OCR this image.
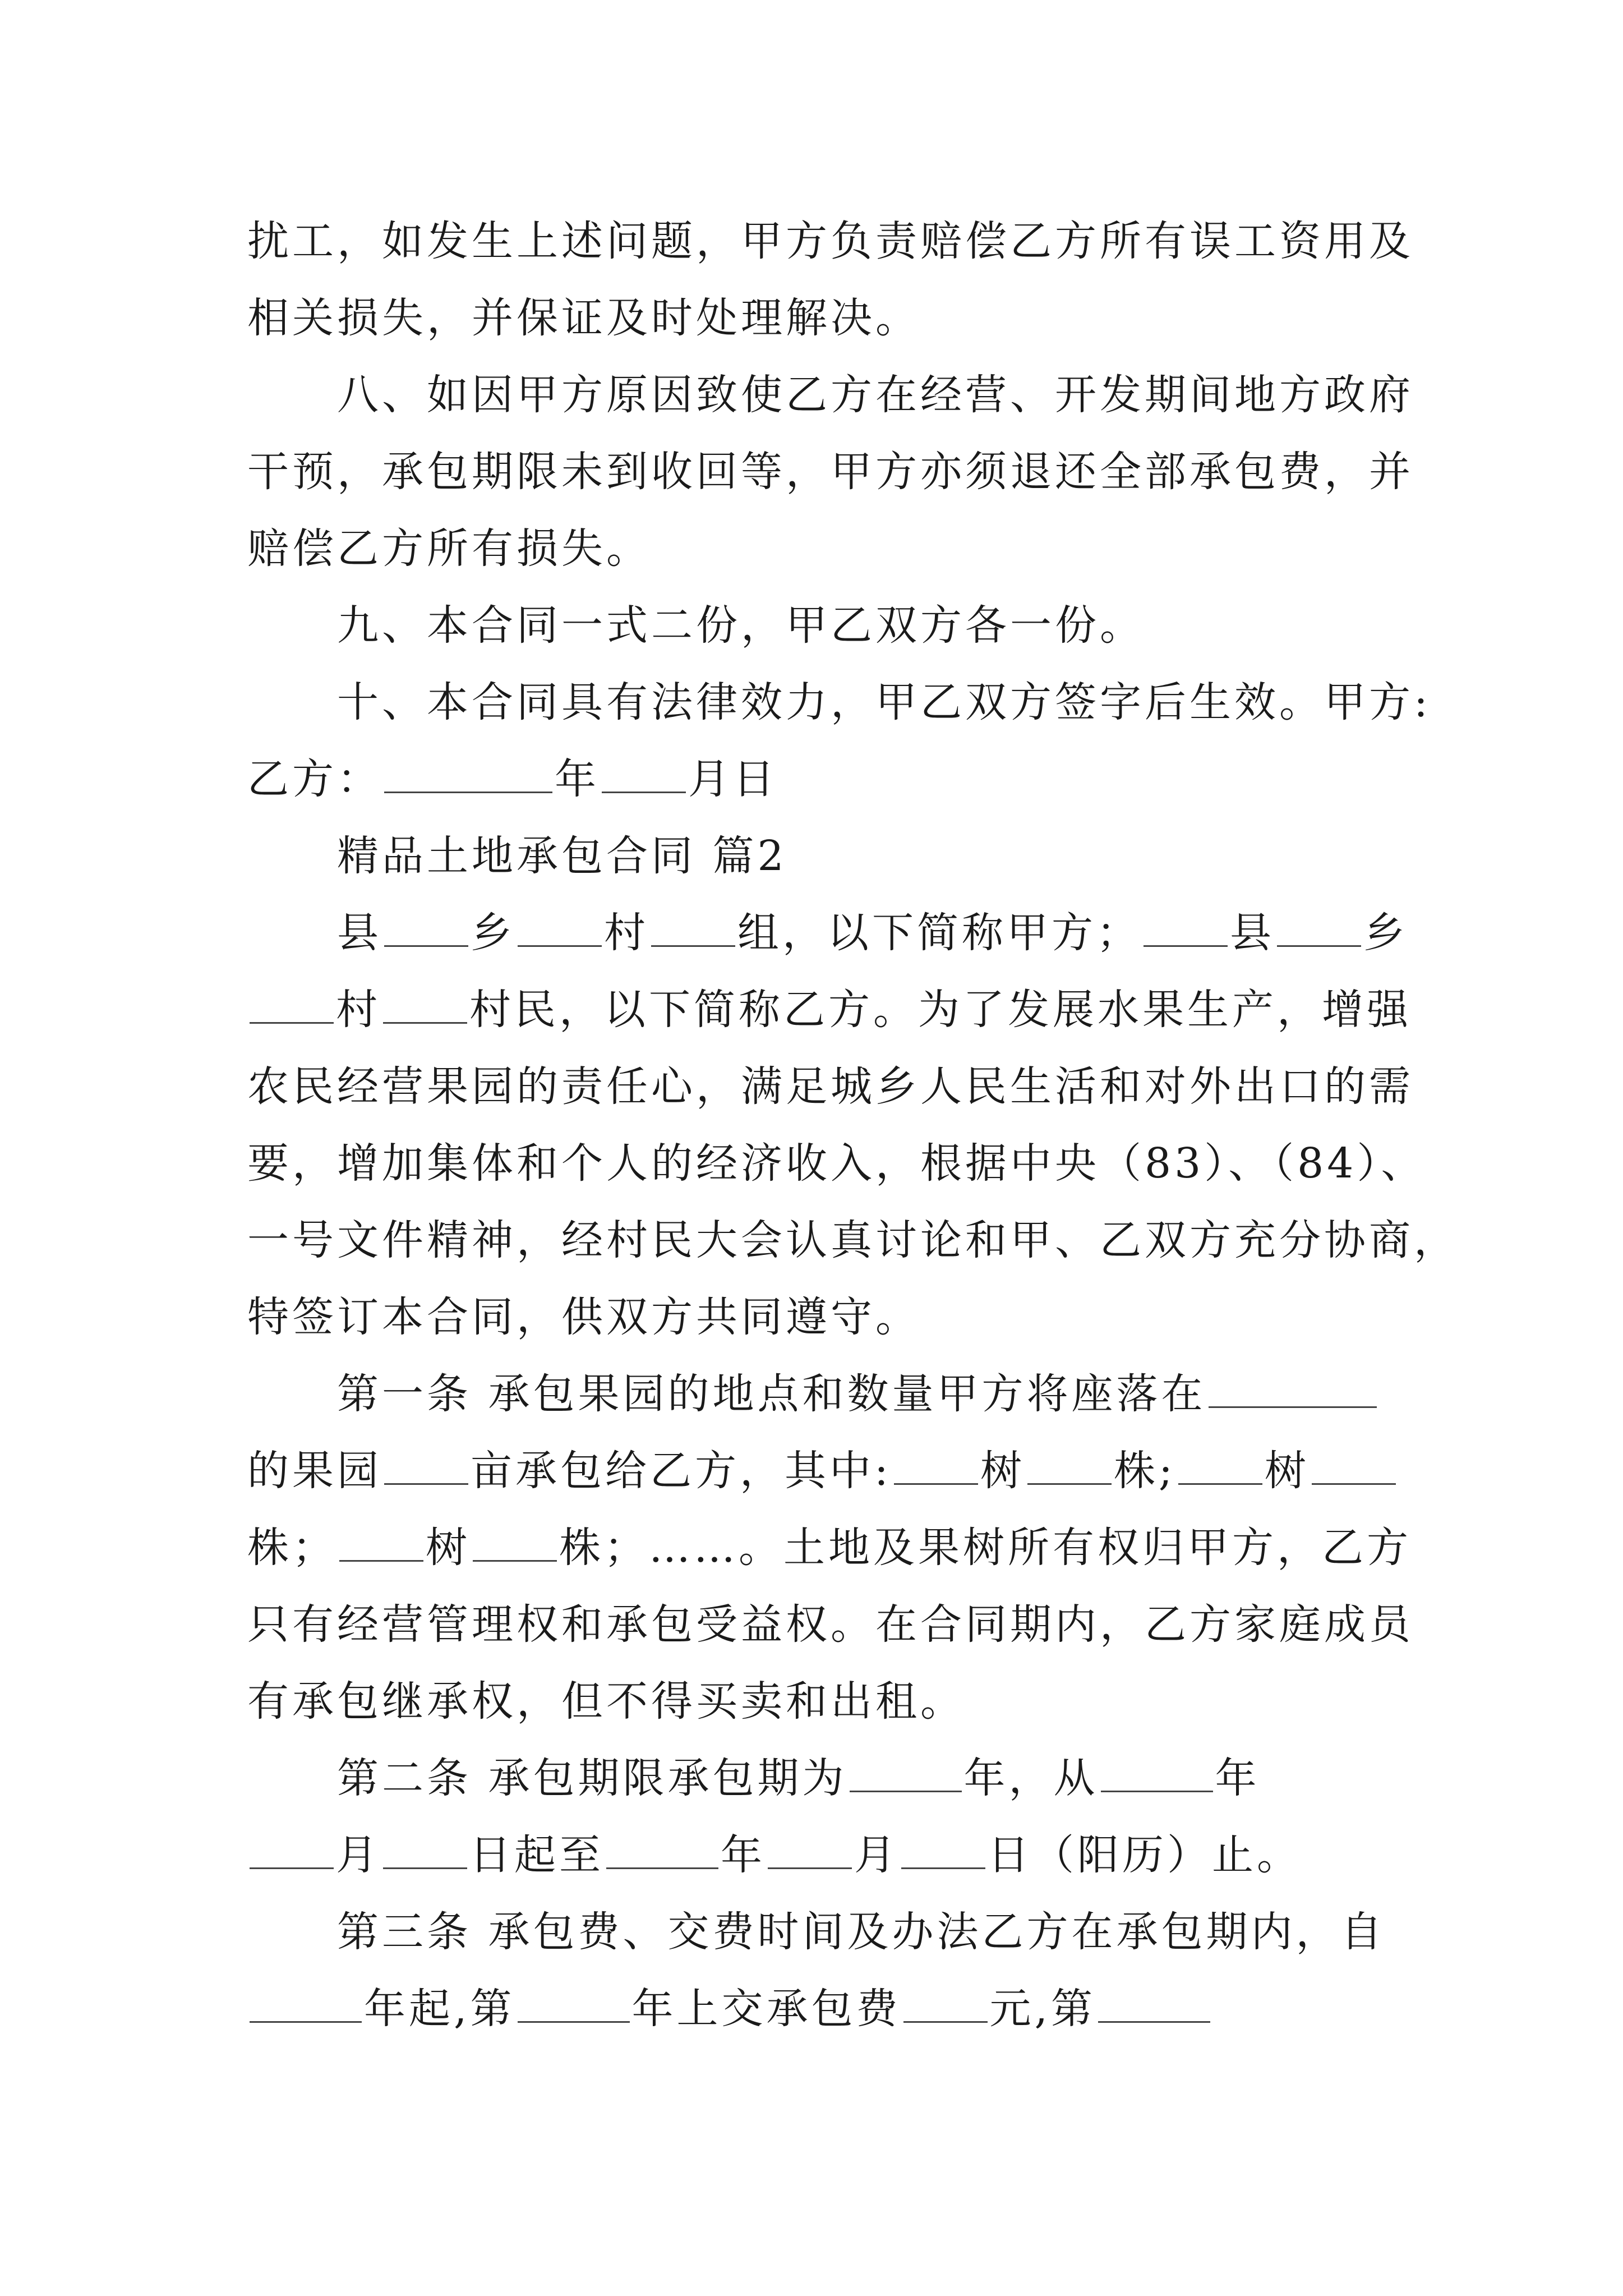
扰工，如发生上述问题，甲方负责赔偿乙方所有误工资用及
相关损失，并保证及时处理解决。
八、如因甲方原因致使乙方在经营、开发期间地方政府
干预，承包期限未到收回等，甲方亦须退还全部承包费，并
赔偿乙方所有损失。
九、本合同一式二份，甲乙双方各一份。
十、本合同具有法律效力，甲乙双方签字后生效。甲方:
乙方：	年 月日
精品土地承包合同 篇2
县 乡 村 组，以下简称甲方； 县 乡
村 村民，以下简称乙方。为了发展水果生产，增强
农民经营果园的责任心，满足城乡人民生活和对外出口的需
要，增加集体和个人的经济收入，根据中央（83）、（84）、
一号文件精神，经村民大会认真讨论和甲、乙双方充分协商，
特签订本合同，供双方共同遵守。
第一条 承包果园的地点和数量甲方将座落在
的果园 亩承包给乙方，其中: 树 株; 树
株； 树 株；……。土地及果树所有权归甲方，乙方
只有经营管理权和承包受益权。在合同期内，乙方家庭成员
有承包继承权，但不得买卖和出租。
第二条 承包期限承包期为	年，从	年
月 日起至	年 月 日（阳历）止。
第三条 承包费、交费时间及办法乙方在承包期内，自
年起,第	年上交承包费 元,第
